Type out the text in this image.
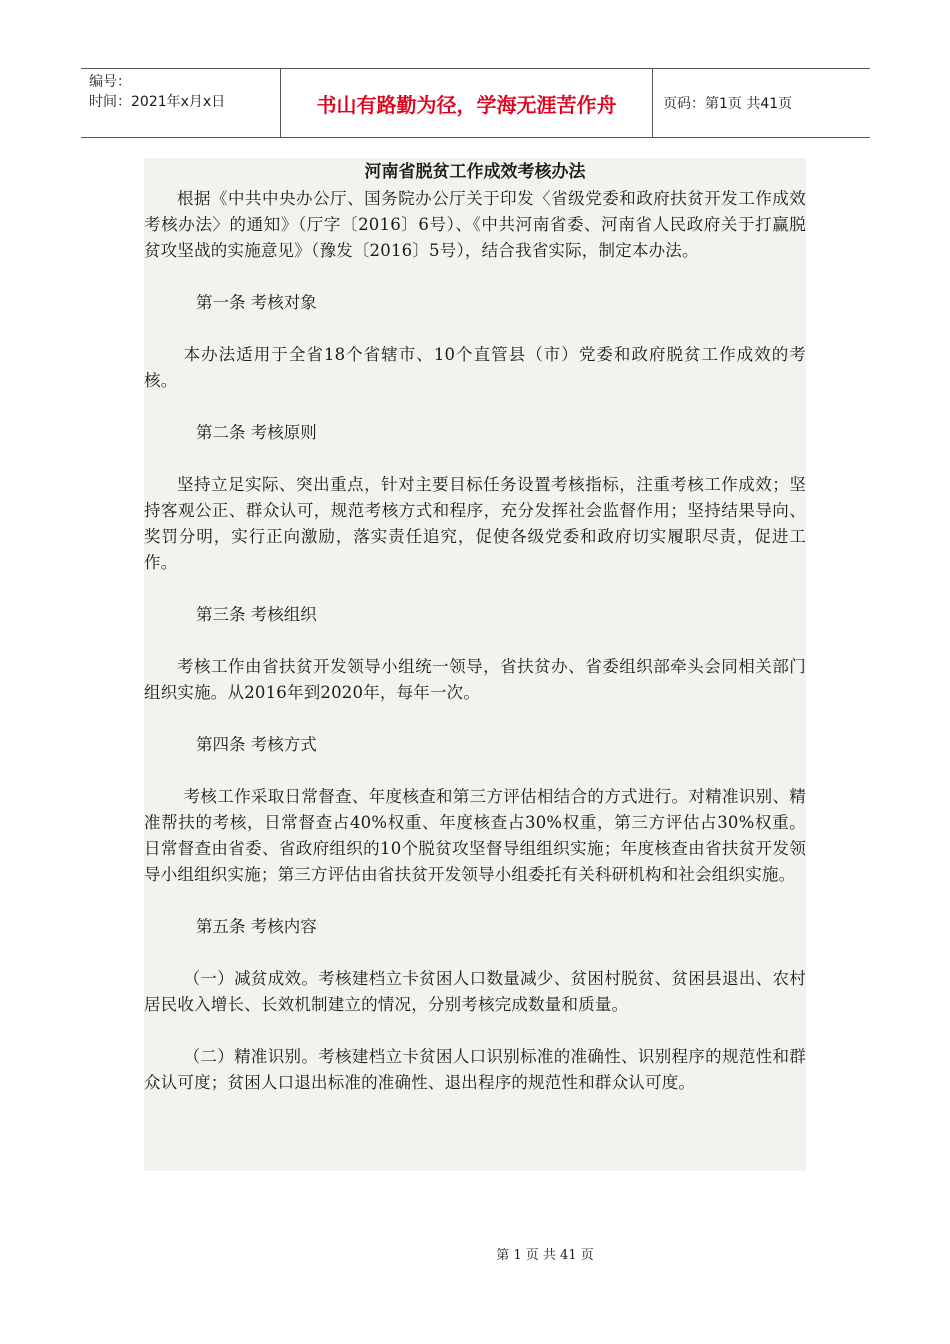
编号：
时间：2021年x月x日	书山有路勤为径，学海无涯苦作舟	页码：第1页 共41页

河南省脱贫工作成效考核办法

根据《中共中央办公厅、国务院办公厅关于印发〈省级党委和政府扶贫开发工作成效考核办法〉的通知》（厅字〔2016〕6号）、《中共河南省委、河南省人民政府关于打赢脱贫攻坚战的实施意见》（豫发〔2016〕5号），结合我省实际，制定本办法。

第一条 考核对象

本办法适用于全省18个省辖市、10个直管县（市）党委和政府脱贫工作成效的考核。

第二条 考核原则

坚持立足实际、突出重点，针对主要目标任务设置考核指标，注重考核工作成效；坚持客观公正、群众认可，规范考核方式和程序，充分发挥社会监督作用；坚持结果导向、奖罚分明，实行正向激励，落实责任追究，促使各级党委和政府切实履职尽责，促进工作。

第三条 考核组织

考核工作由省扶贫开发领导小组统一领导，省扶贫办、省委组织部牵头会同相关部门组织实施。从2016年到2020年，每年一次。

第四条 考核方式

考核工作采取日常督查、年度核查和第三方评估相结合的方式进行。对精准识别、精准帮扶的考核，日常督查占40%权重、年度核查占30%权重，第三方评估占30%权重。日常督查由省委、省政府组织的10个脱贫攻坚督导组组织实施；年度核查由省扶贫开发领导小组组织实施；第三方评估由省扶贫开发领导小组委托有关科研机构和社会组织实施。

第五条 考核内容

（一）减贫成效。考核建档立卡贫困人口数量减少、贫困村脱贫、贫困县退出、农村居民收入增长、长效机制建立的情况，分别考核完成数量和质量。

（二）精准识别。考核建档立卡贫困人口识别标准的准确性、识别程序的规范性和群众认可度；贫困人口退出标准的准确性、退出程序的规范性和群众认可度。

第 1 页 共 41 页
